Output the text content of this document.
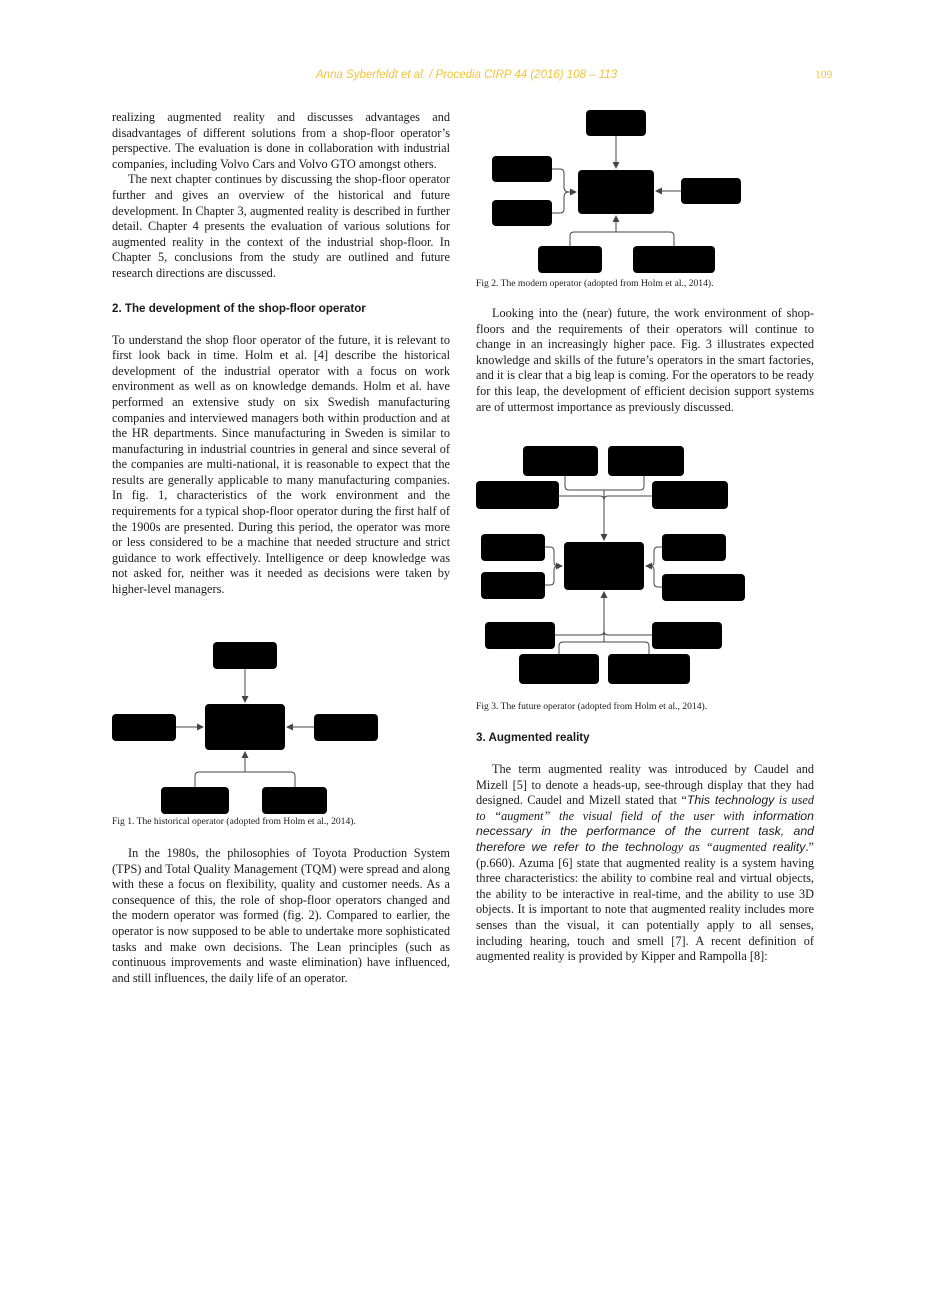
Anna Syberfeldt et al. / Procedia CIRP 44 (2016) 108 – 113	109

realizing augmented reality and discusses advantages and disadvantages of different solutions from a shop-floor operator’s perspective. The evaluation is done in collaboration with industrial companies, including Volvo Cars and Volvo GTO amongst others.

The next chapter continues by discussing the shop-floor operator further and gives an overview of the historical and future development. In Chapter 3, augmented reality is described in further detail. Chapter 4 presents the evaluation of various solutions for augmented reality in the context of the industrial shop-floor. In Chapter 5, conclusions from the study are outlined and future research directions are discussed.

2. The development of the shop-floor operator

To understand the shop floor operator of the future, it is relevant to first look back in time. Holm et al. [4] describe the historical development of the industrial operator with a focus on work environment as well as on knowledge demands. Holm et al. have performed an extensive study on six Swedish manufacturing companies and interviewed managers both within production and at the HR departments. Since manufacturing in Sweden is similar to manufacturing in industrial countries in general and since several of the companies are multi-national, it is reasonable to expect that the results are generally applicable to many manufacturing companies. In fig. 1, characteristics of the work environment and the requirements for a typical shop-floor operator during the first half of the 1900s are presented. During this period, the operator was more or less considered to be a machine that needed structure and strict guidance to work effectively. Intelligence or deep knowledge was not asked for, neither was it needed as decisions were taken by higher-level managers.

Fig 1. The historical operator (adopted from Holm et al., 2014).

In the 1980s, the philosophies of Toyota Production System (TPS) and Total Quality Management (TQM) were spread and along with these a focus on flexibility, quality and customer needs. As a consequence of this, the role of shop-floor operators changed and the modern operator was formed (fig. 2). Compared to earlier, the operator is now supposed to be able to undertake more sophisticated tasks and make own decisions. The Lean principles (such as continuous improvements and waste elimination) have influenced, and still influences, the daily life of an operator.

Fig 2. The modern operator (adopted from Holm et al., 2014).

Looking into the (near) future, the work environment of shop-floors and the requirements of their operators will continue to change in an increasingly higher pace. Fig. 3 illustrates expected knowledge and skills of the future’s operators in the smart factories, and it is clear that a big leap is coming. For the operators to be ready for this leap, the development of efficient decision support systems are of uttermost importance as previously discussed.

Fig 3. The future operator (adopted from Holm et al., 2014).
3. Augmented reality

The term augmented reality was introduced by Caudel and Mizell [5] to denote a heads-up, see-through display that they had designed. Caudel and Mizell stated that “This technology is used to “augment” the visual field of the user with information necessary in the performance of the current task, and therefore we refer to the technology as “augmented reality.” (p.660). Azuma [6] state that augmented reality is a system having three characteristics: the ability to combine real and virtual objects, the ability to be interactive in real-time, and the ability to use 3D objects. It is important to note that augmented reality includes more senses than the visual, it can potentially apply to all senses, including hearing, touch and smell [7]. A recent definition of augmented reality is provided by Kipper and Rampolla [8]:
